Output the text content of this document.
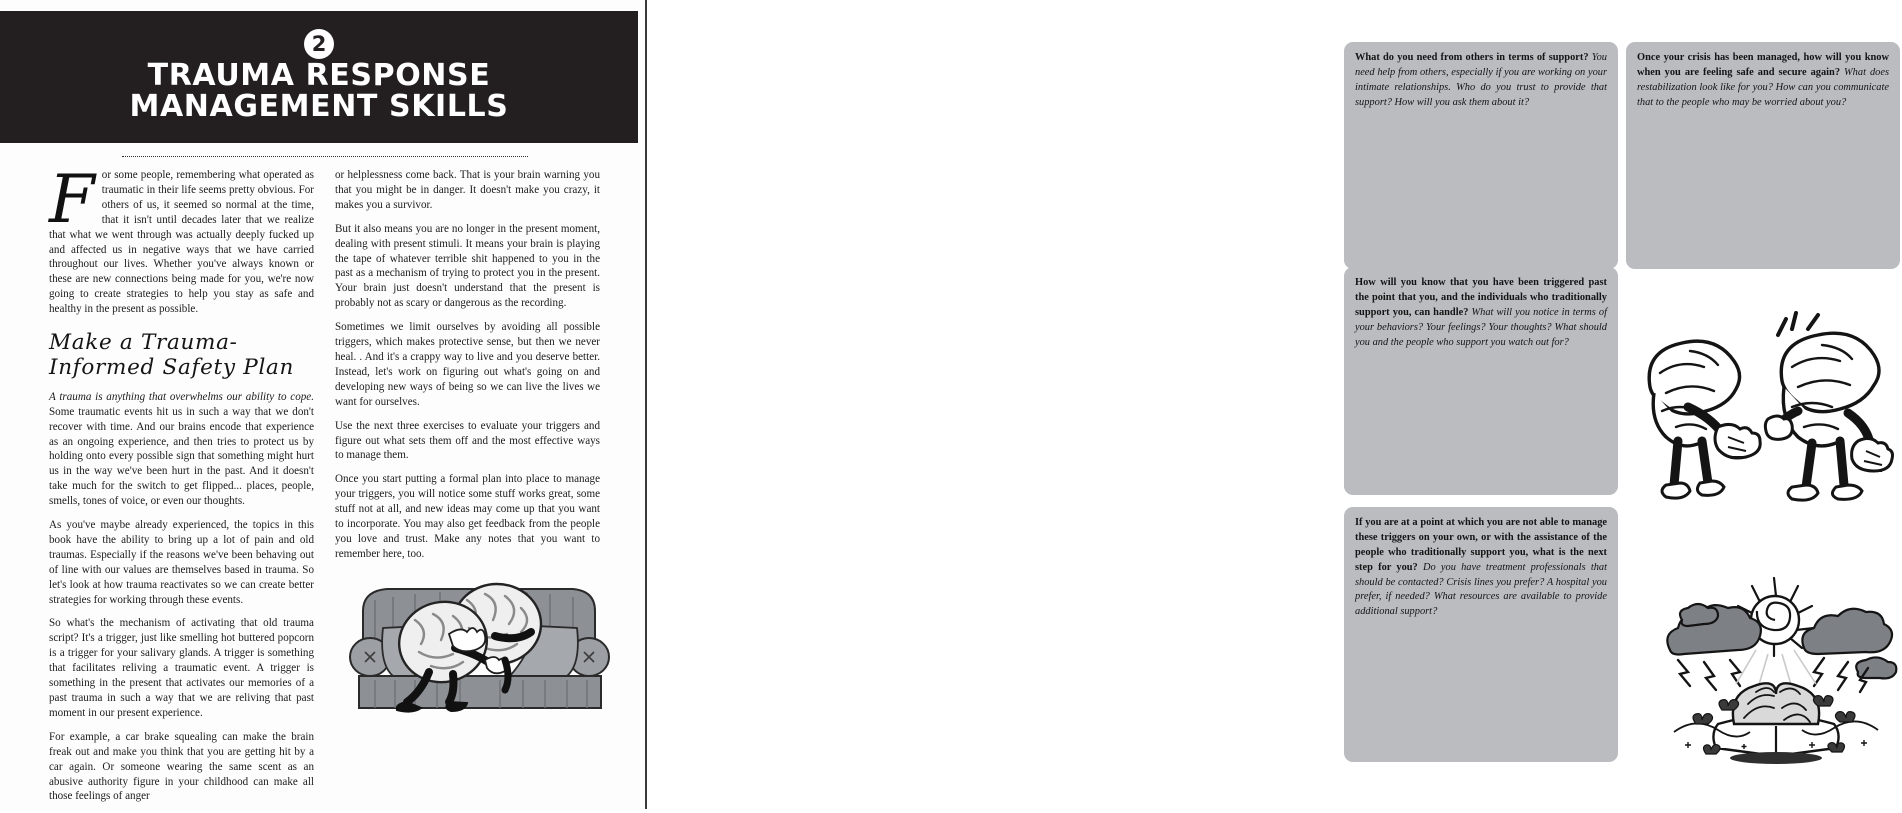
2
TRAUMA RESPONSE
MANAGEMENT SKILLS

For some people, remembering what operated as traumatic in their life seems pretty obvious. For others of us, it seemed so normal at the time, that it isn't until decades later that we realize that what we went through was actually deeply fucked up and affected us in negative ways that we have carried throughout our lives. Whether you've always known or these are new connections being made for you, we're now going to create strategies to help you stay as safe and healthy in the present as possible.

Make a Trauma-Informed Safety Plan

A trauma is anything that overwhelms our ability to cope. Some traumatic events hit us in such a way that we don't recover with time. And our brains encode that experience as an ongoing experience, and then tries to protect us by holding onto every possible sign that something might hurt us in the way we've been hurt in the past. And it doesn't take much for the switch to get flipped... places, people, smells, tones of voice, or even our thoughts.

As you've maybe already experienced, the topics in this book have the ability to bring up a lot of pain and old traumas. Especially if the reasons we've been behaving out of line with our values are themselves based in trauma. So let's look at how trauma reactivates so we can create better strategies for working through these events.

So what's the mechanism of activating that old trauma script? It's a trigger, just like smelling hot buttered popcorn is a trigger for your salivary glands. A trigger is something that facilitates reliving a traumatic event. A trigger is something in the present that activates our memories of a past trauma in such a way that we are reliving that past moment in our present experience.

For example, a car brake squealing can make the brain freak out and make you think that you are getting hit by a car again. Or someone wearing the same scent as an abusive authority figure in your childhood can make all those feelings of anger

or helplessness come back. That is your brain warning you that you might be in danger. It doesn't make you crazy, it makes you a survivor.

But it also means you are no longer in the present moment, dealing with present stimuli. It means your brain is playing the tape of whatever terrible shit happened to you in the past as a mechanism of trying to protect you in the present. Your brain just doesn't understand that the present is probably not as scary or dangerous as the recording.

Sometimes we limit ourselves by avoiding all possible triggers, which makes protective sense, but then we never heal. . And it's a crappy way to live and you deserve better. Instead, let's work on figuring out what's going on and developing new ways of being so we can live the lives we want for ourselves.

Use the next three exercises to evaluate your triggers and figure out what sets them off and the most effective ways to manage them.

Once you start putting a formal plan into place to manage your triggers, you will notice some stuff works great, some stuff not at all, and new ideas may come up that you want to incorporate. You may also get feedback from the people you love and trust. Make any notes that you want to remember here, too.

What do you need from others in terms of support? You need help from others, especially if you are working on your intimate relationships. Who do you trust to provide that support? How will you ask them about it?
Once your crisis has been managed, how will you know when you are feeling safe and secure again? What does restabilization look like for you? How can you communicate that to the people who may be worried about you?
How will you know that you have been triggered past the point that you, and the individuals who traditionally support you, can handle? What will you notice in terms of your behaviors? Your feelings? Your thoughts? What should you and the people who support you watch out for?
If you are at a point at which you are not able to manage these triggers on your own, or with the assistance of the people who traditionally support you, what is the next step for you? Do you have treatment professionals that should be contacted? Crisis lines you prefer? A hospital you prefer, if needed? What resources are available to provide additional support?
